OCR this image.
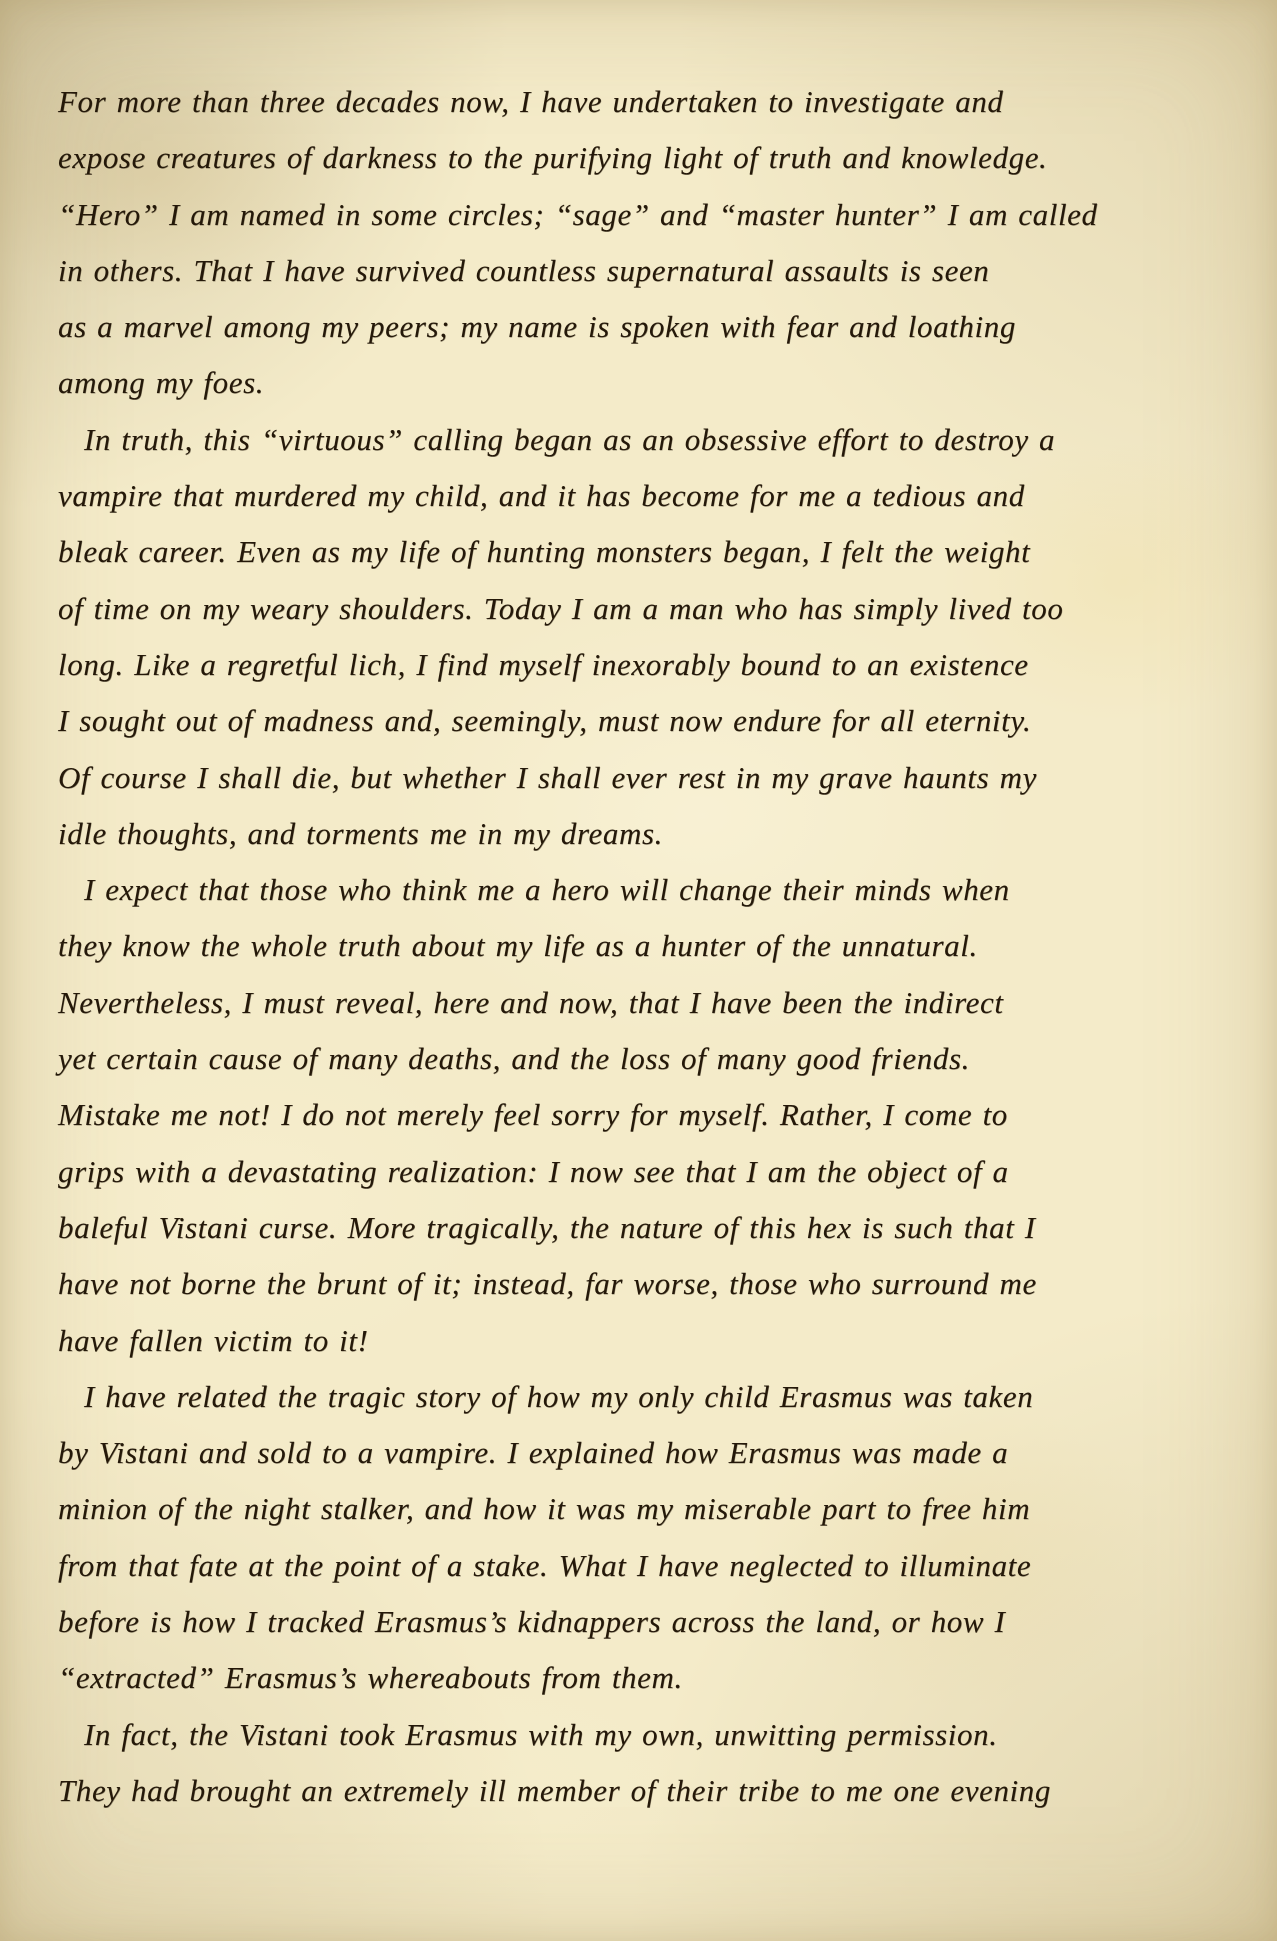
For more than three decades now, I have undertaken to investigate and
expose creatures of darkness to the purifying light of truth and knowledge.
“Hero” I am named in some circles; “sage” and “master hunter” I am called
in others. That I have survived countless supernatural assaults is seen
as a marvel among my peers; my name is spoken with fear and loathing
among my foes.

In truth, this “virtuous” calling began as an obsessive effort to destroy a
vampire that murdered my child, and it has become for me a tedious and
bleak career. Even as my life of hunting monsters began, I felt the weight
of time on my weary shoulders. Today I am a man who has simply lived too
long. Like a regretful lich, I find myself inexorably bound to an existence
I sought out of madness and, seemingly, must now endure for all eternity.
Of course I shall die, but whether I shall ever rest in my grave haunts my
idle thoughts, and torments me in my dreams.

I expect that those who think me a hero will change their minds when
they know the whole truth about my life as a hunter of the unnatural.
Nevertheless, I must reveal, here and now, that I have been the indirect
yet certain cause of many deaths, and the loss of many good friends.
Mistake me not! I do not merely feel sorry for myself. Rather, I come to
grips with a devastating realization: I now see that I am the object of a
baleful Vistani curse. More tragically, the nature of this hex is such that I
have not borne the brunt of it; instead, far worse, those who surround me
have fallen victim to it!

I have related the tragic story of how my only child Erasmus was taken
by Vistani and sold to a vampire. I explained how Erasmus was made a
minion of the night stalker, and how it was my miserable part to free him
from that fate at the point of a stake. What I have neglected to illuminate
before is how I tracked Erasmus’s kidnappers across the land, or how I
“extracted” Erasmus’s whereabouts from them.

In fact, the Vistani took Erasmus with my own, unwitting permission.
They had brought an extremely ill member of their tribe to me one evening
